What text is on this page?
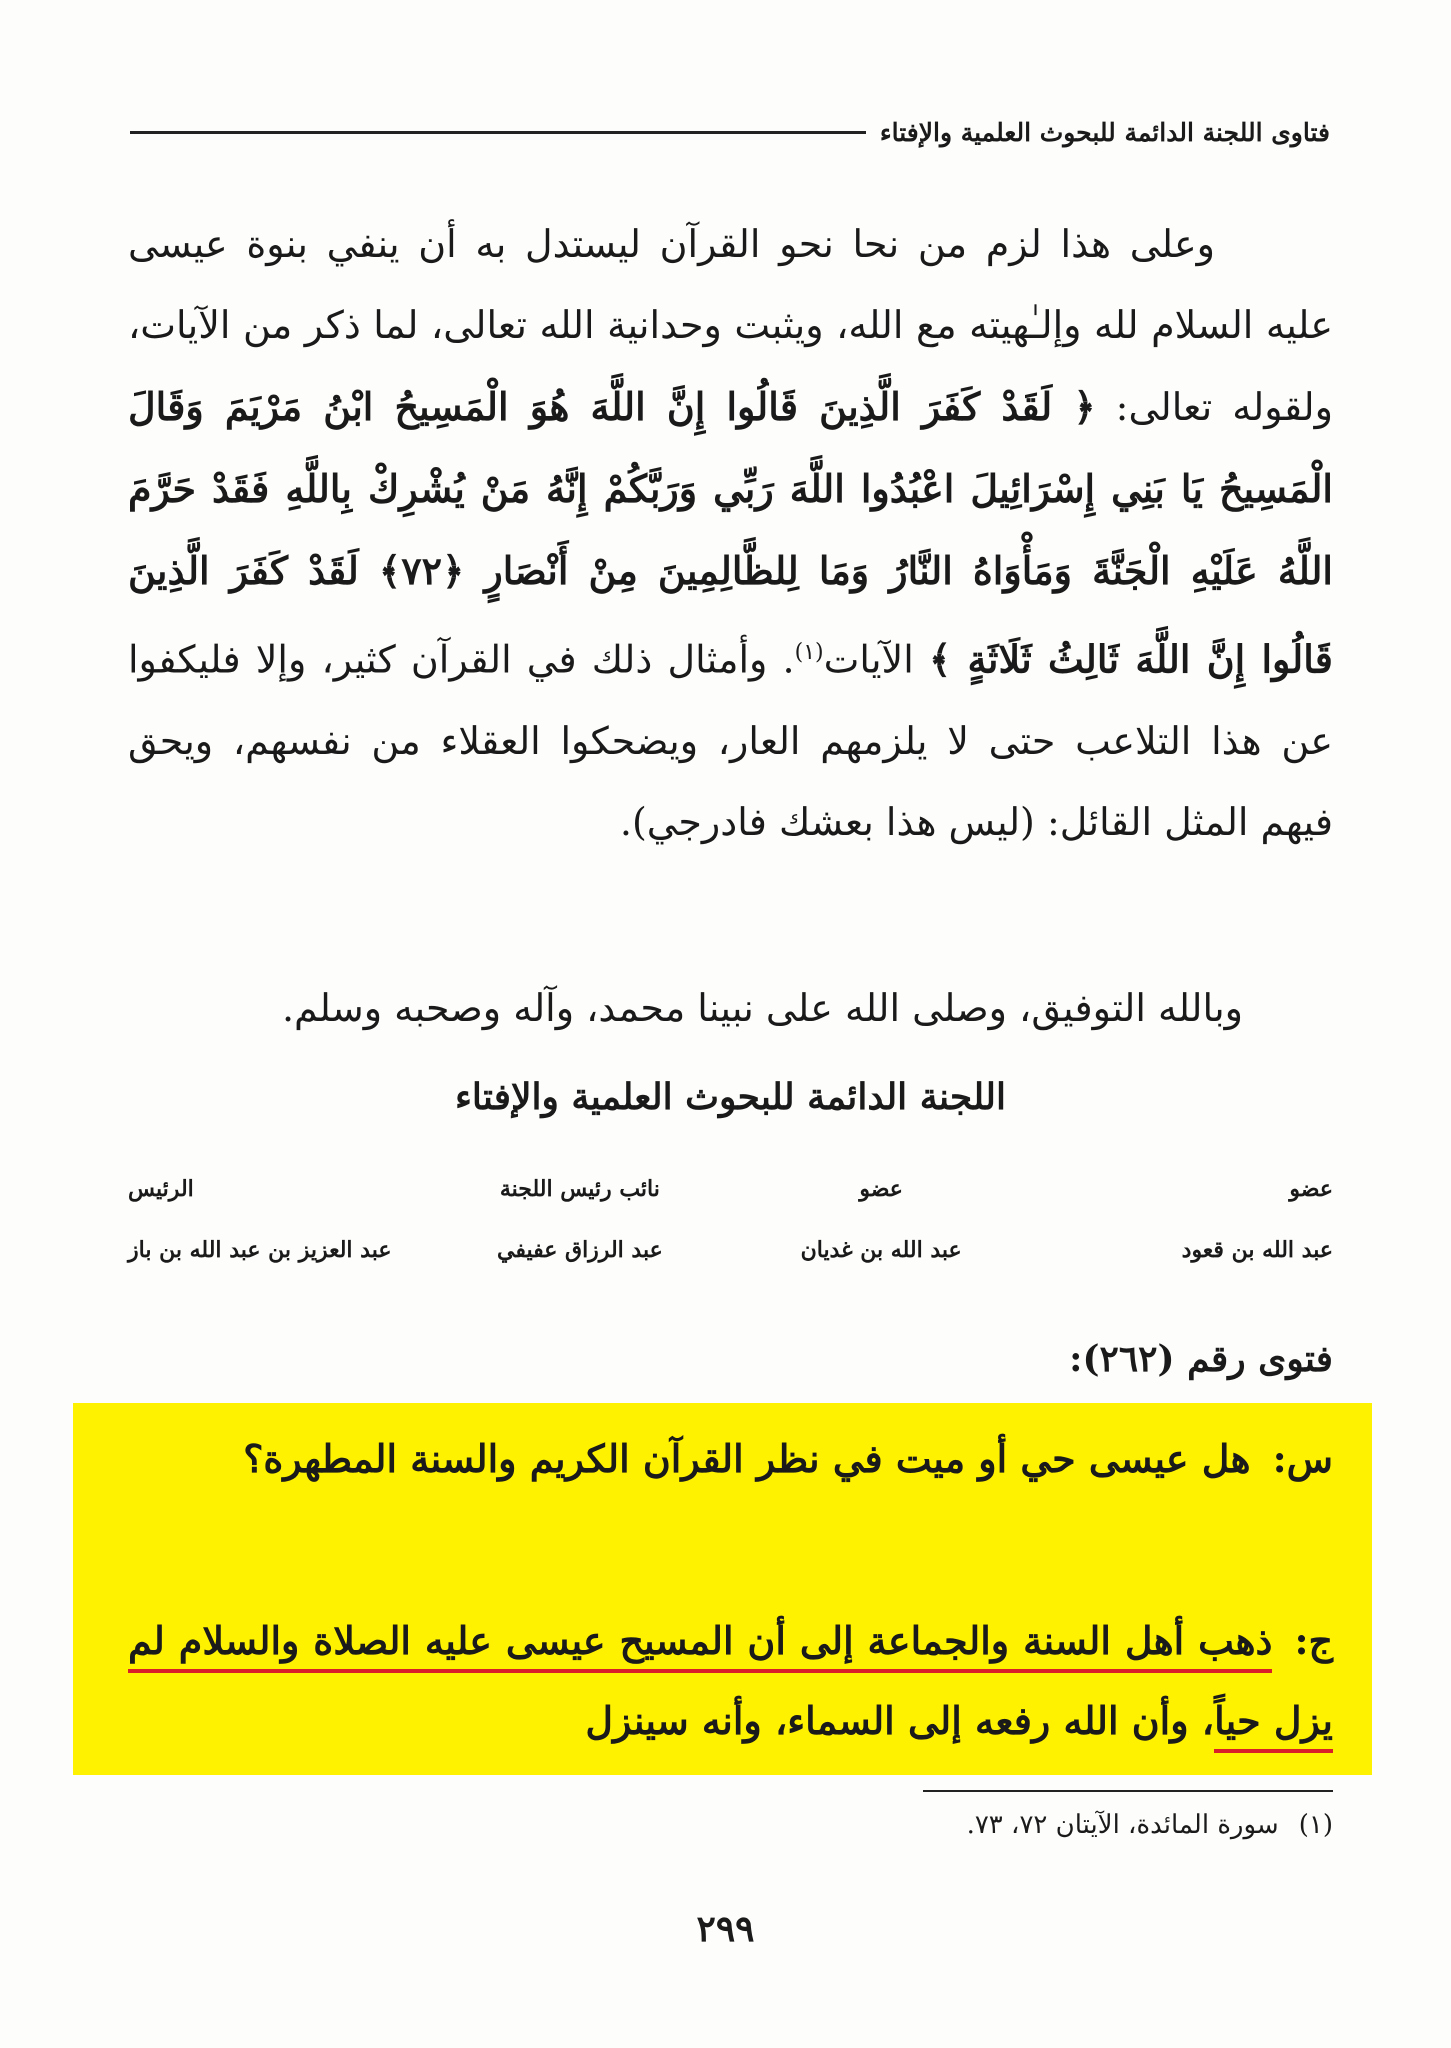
فتاوى اللجنة الدائمة للبحوث العلمية والإفتاء
وعلى هذا لزم من نحا نحو القرآن ليستدل به أن ينفي بنوة عيسى عليه السلام لله وإلـٰهيته مع الله، ويثبت وحدانية الله تعالى، لما ذكر من الآيات، ولقوله تعالى: ﴿ لَقَدْ كَفَرَ الَّذِينَ قَالُوا إِنَّ اللَّهَ هُوَ الْمَسِيحُ ابْنُ مَرْيَمَ وَقَالَ الْمَسِيحُ يَا بَنِي إِسْرَائِيلَ اعْبُدُوا اللَّهَ رَبِّي وَرَبَّكُمْ إِنَّهُ مَنْ يُشْرِكْ بِاللَّهِ فَقَدْ حَرَّمَ اللَّهُ عَلَيْهِ الْجَنَّةَ وَمَأْوَاهُ النَّارُ وَمَا لِلظَّالِمِينَ مِنْ أَنْصَارٍ ﴿٧٢﴾ لَقَدْ كَفَرَ الَّذِينَ قَالُوا إِنَّ اللَّهَ ثَالِثُ ثَلَاثَةٍ ﴾ الآيات$^{(١)}$. وأمثال ذلك في القرآن كثير، وإلا فليكفوا عن هذا التلاعب حتى لا يلزمهم العار، ويضحكوا العقلاء من نفسهم، ويحق فيهم المثل القائل: (ليس هذا بعشك فادرجي).
وبالله التوفيق، وصلى الله على نبينا محمد، وآله وصحبه وسلم.
اللجنة الدائمة للبحوث العلمية والإفتاء
عضو
عضو
نائب رئيس اللجنة
الرئيس
عبد الله بن قعود
عبد الله بن غديان
عبد الرزاق عفيفي
عبد العزيز بن عبد الله بن باز
فتوى رقم (٢٦٢):
س:هل عيسى حي أو ميت في نظر القرآن الكريم والسنة المطهرة؟
ج:ذهب أهل السنة والجماعة إلى أن المسيح عيسى عليه الصلاة والسلام لم يزل حياً، وأن الله رفعه إلى السماء، وأنه سينزل
(١)سورة المائدة، الآيتان ٧٢، ٧٣.
٢٩٩
